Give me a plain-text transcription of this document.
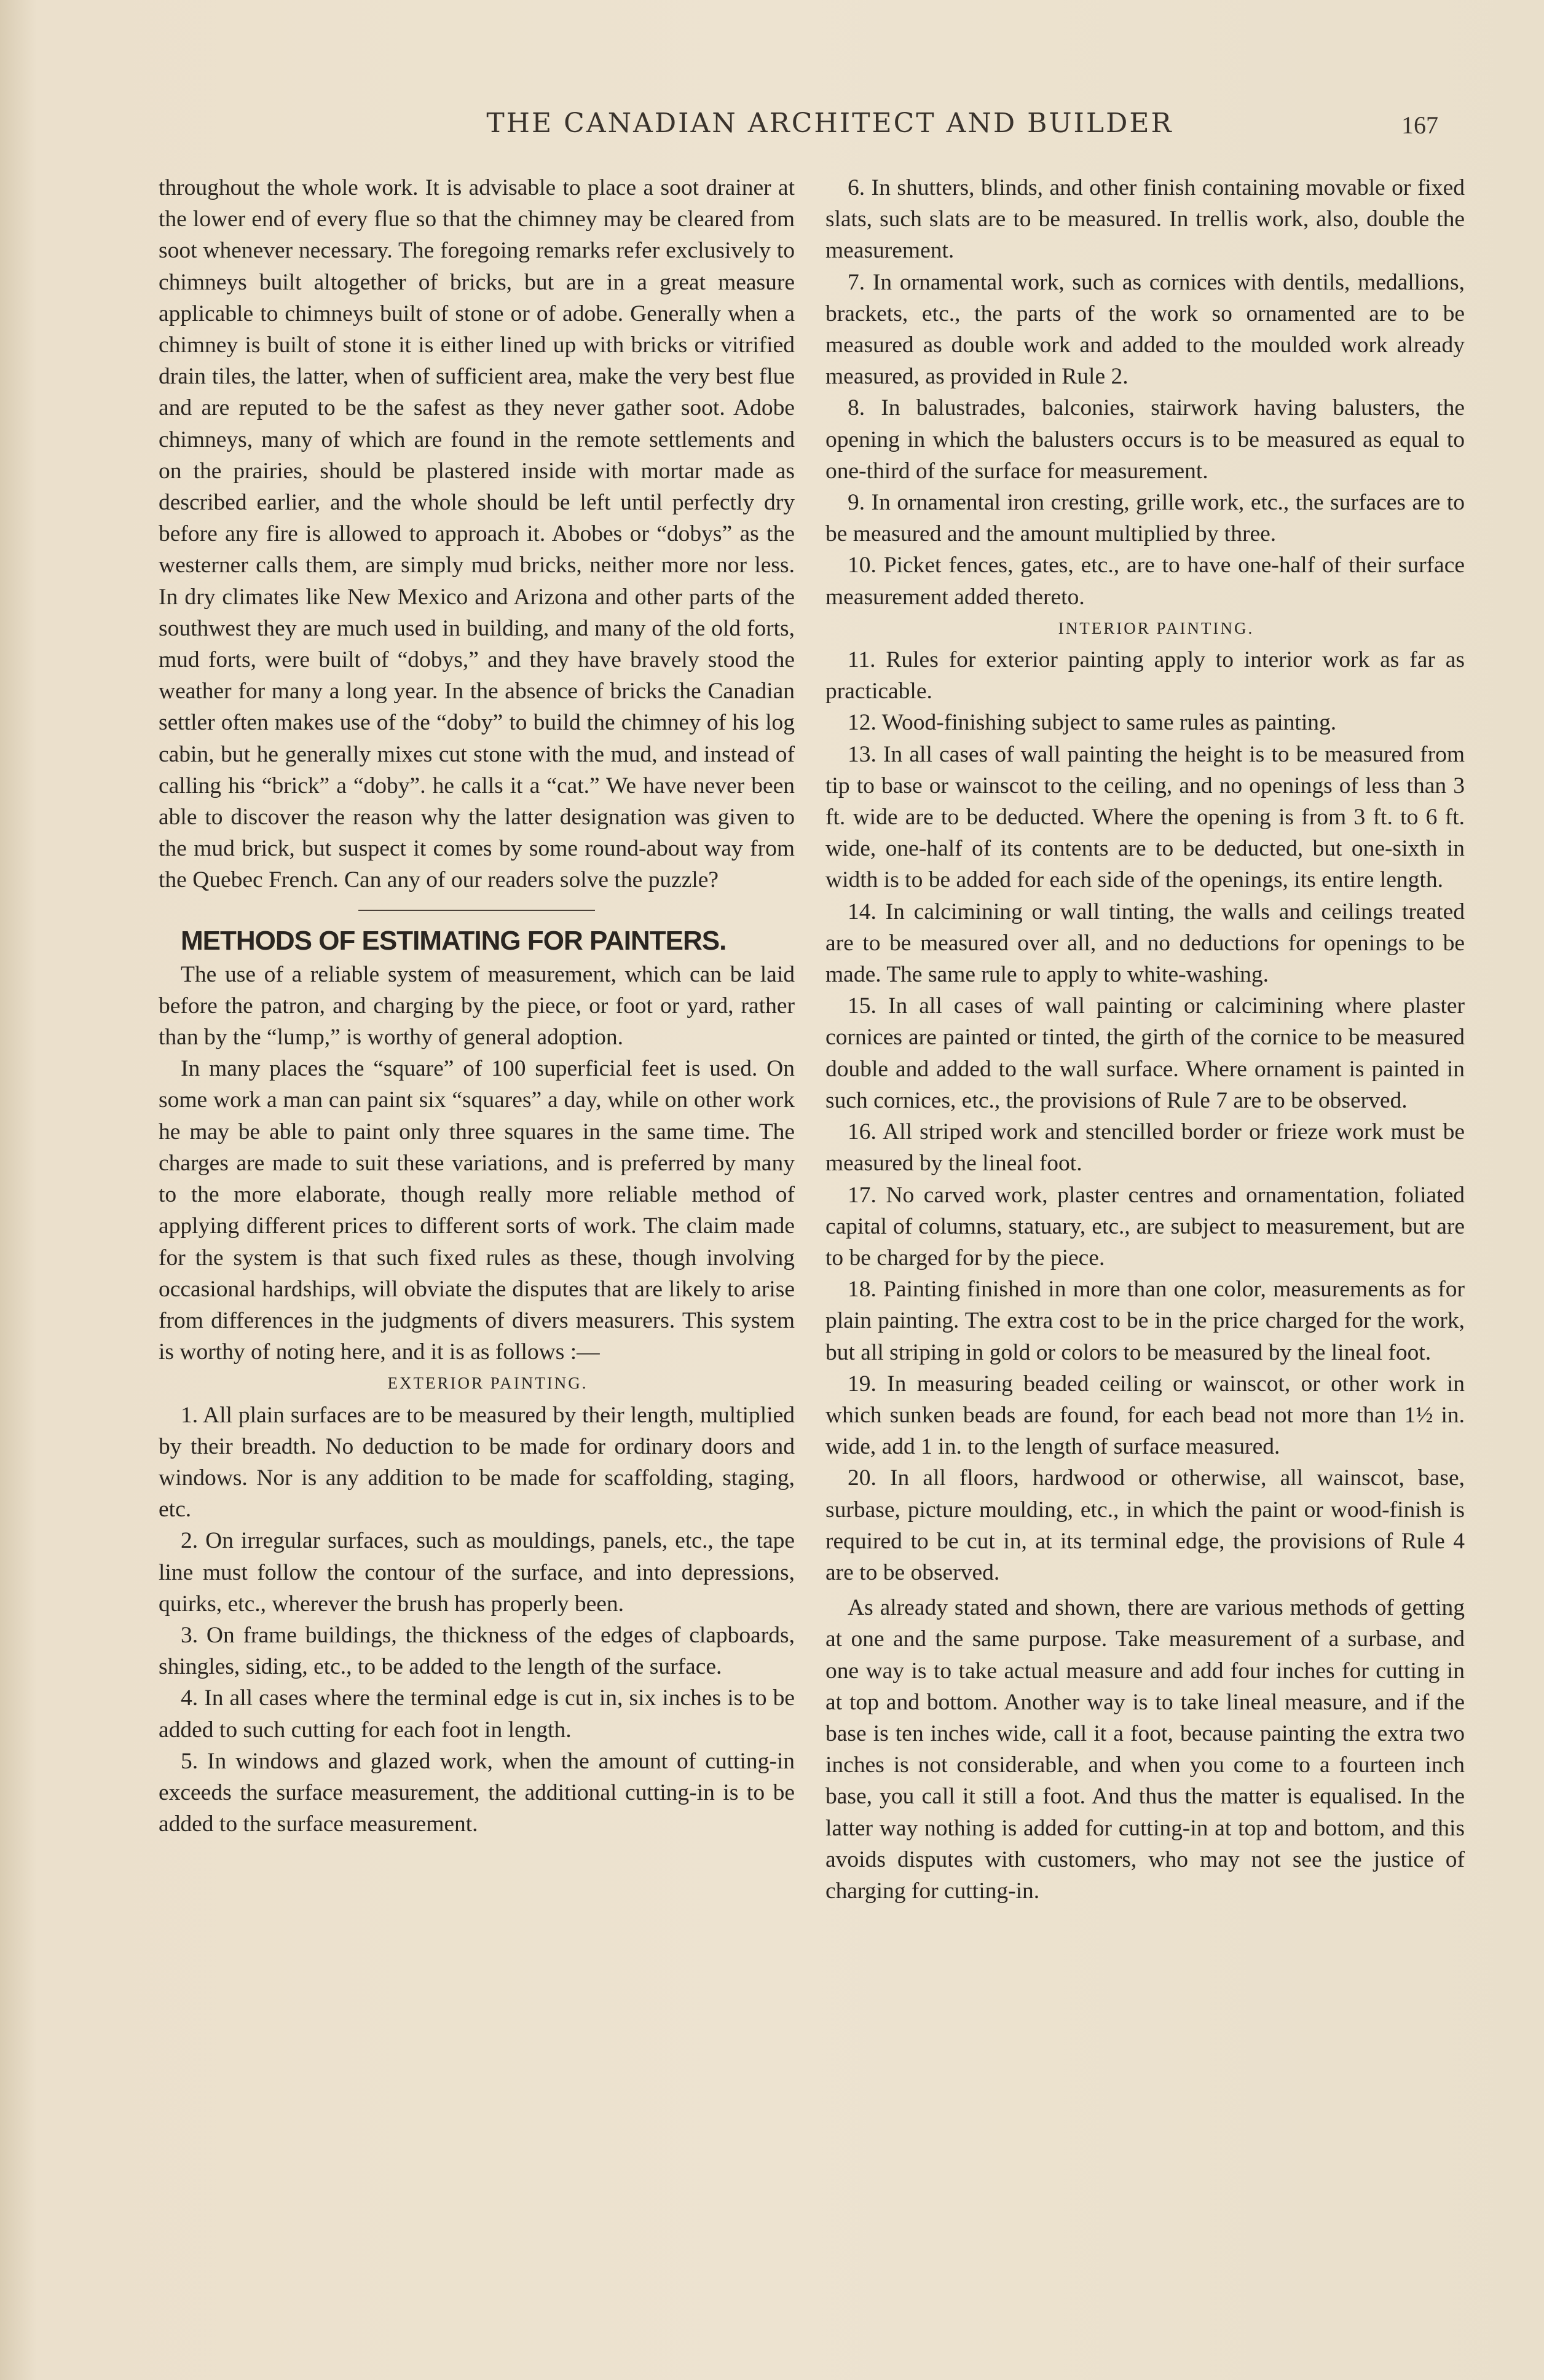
THE CANADIAN ARCHITECT AND BUILDER	167

throughout the whole work. It is advisable to place a soot drainer at the lower end of every flue so that the chimney may be cleared from soot whenever necessary. The foregoing remarks refer exclusively to chimneys built altogether of bricks, but are in a great measure applicable to chimneys built of stone or of adobe. Generally when a chimney is built of stone it is either lined up with bricks or vitrified drain tiles, the latter, when of sufficient area, make the very best flue and are reputed to be the safest as they never gather soot. Adobe chimneys, many of which are found in the remote settlements and on the prairies, should be plastered inside with mortar made as described earlier, and the whole should be left until perfectly dry before any fire is allowed to approach it. Abobes or “dobys” as the westerner calls them, are simply mud bricks, neither more nor less. In dry climates like New Mexico and Arizona and other parts of the southwest they are much used in building, and many of the old forts, mud forts, were built of “dobys,” and they have bravely stood the weather for many a long year. In the absence of bricks the Canadian settler often makes use of the “doby” to build the chimney of his log cabin, but he generally mixes cut stone with the mud, and instead of calling his “brick” a “doby”. he calls it a “cat.” We have never been able to discover the reason why the latter designation was given to the mud brick, but suspect it comes by some round-about way from the Quebec French. Can any of our readers solve the puzzle?

METHODS OF ESTIMATING FOR PAINTERS.

The use of a reliable system of measurement, which can be laid before the patron, and charging by the piece, or foot or yard, rather than by the “lump,” is worthy of general adoption.

In many places the “square” of 100 superficial feet is used. On some work a man can paint six “squares” a day, while on other work he may be able to paint only three squares in the same time. The charges are made to suit these variations, and is preferred by many to the more elaborate, though really more reliable method of applying different prices to different sorts of work. The claim made for the system is that such fixed rules as these, though involving occasional hardships, will obviate the disputes that are likely to arise from differences in the judgments of divers measurers. This system is worthy of noting here, and it is as follows :—

EXTERIOR PAINTING.

1. All plain surfaces are to be measured by their length, multiplied by their breadth. No deduction to be made for ordinary doors and windows. Nor is any addition to be made for scaffolding, staging, etc.

2. On irregular surfaces, such as mouldings, panels, etc., the tape line must follow the contour of the surface, and into depressions, quirks, etc., wherever the brush has properly been.

3. On frame buildings, the thickness of the edges of clapboards, shingles, siding, etc., to be added to the length of the surface.

4. In all cases where the terminal edge is cut in, six inches is to be added to such cutting for each foot in length.

5. In windows and glazed work, when the amount of cutting-in exceeds the surface measurement, the additional cutting-in is to be added to the surface measurement.

6. In shutters, blinds, and other finish containing movable or fixed slats, such slats are to be measured. In trellis work, also, double the measurement.

7. In ornamental work, such as cornices with dentils, medallions, brackets, etc., the parts of the work so ornamented are to be measured as double work and added to the moulded work already measured, as provided in Rule 2.

8. In balustrades, balconies, stairwork having balusters, the opening in which the balusters occurs is to be measured as equal to one-third of the surface for measurement.

9. In ornamental iron cresting, grille work, etc., the surfaces are to be measured and the amount multiplied by three.

10. Picket fences, gates, etc., are to have one-half of their surface measurement added thereto.

INTERIOR PAINTING.

11. Rules for exterior painting apply to interior work as far as practicable.

12. Wood-finishing subject to same rules as painting.

13. In all cases of wall painting the height is to be measured from tip to base or wainscot to the ceiling, and no openings of less than 3 ft. wide are to be deducted. Where the opening is from 3 ft. to 6 ft. wide, one-half of its contents are to be deducted, but one-sixth in width is to be added for each side of the openings, its entire length.

14. In calcimining or wall tinting, the walls and ceilings treated are to be measured over all, and no deductions for openings to be made. The same rule to apply to white-washing.

15. In all cases of wall painting or calcimining where plaster cornices are painted or tinted, the girth of the cornice to be measured double and added to the wall surface. Where ornament is painted in such cornices, etc., the provisions of Rule 7 are to be observed.

16. All striped work and stencilled border or frieze work must be measured by the lineal foot.

17. No carved work, plaster centres and ornamentation, foliated capital of columns, statuary, etc., are subject to measurement, but are to be charged for by the piece.

18. Painting finished in more than one color, measurements as for plain painting. The extra cost to be in the price charged for the work, but all striping in gold or colors to be measured by the lineal foot.

19. In measuring beaded ceiling or wainscot, or other work in which sunken beads are found, for each bead not more than 1½ in. wide, add 1 in. to the length of surface measured.

20. In all floors, hardwood or otherwise, all wainscot, base, surbase, picture moulding, etc., in which the paint or wood-finish is required to be cut in, at its terminal edge, the provisions of Rule 4 are to be observed.

As already stated and shown, there are various methods of getting at one and the same purpose. Take measurement of a surbase, and one way is to take actual measure and add four inches for cutting in at top and bottom. Another way is to take lineal measure, and if the base is ten inches wide, call it a foot, because painting the extra two inches is not considerable, and when you come to a fourteen inch base, you call it still a foot. And thus the matter is equalised. In the latter way nothing is added for cutting-in at top and bottom, and this avoids disputes with customers, who may not see the justice of charging for cutting-in.
